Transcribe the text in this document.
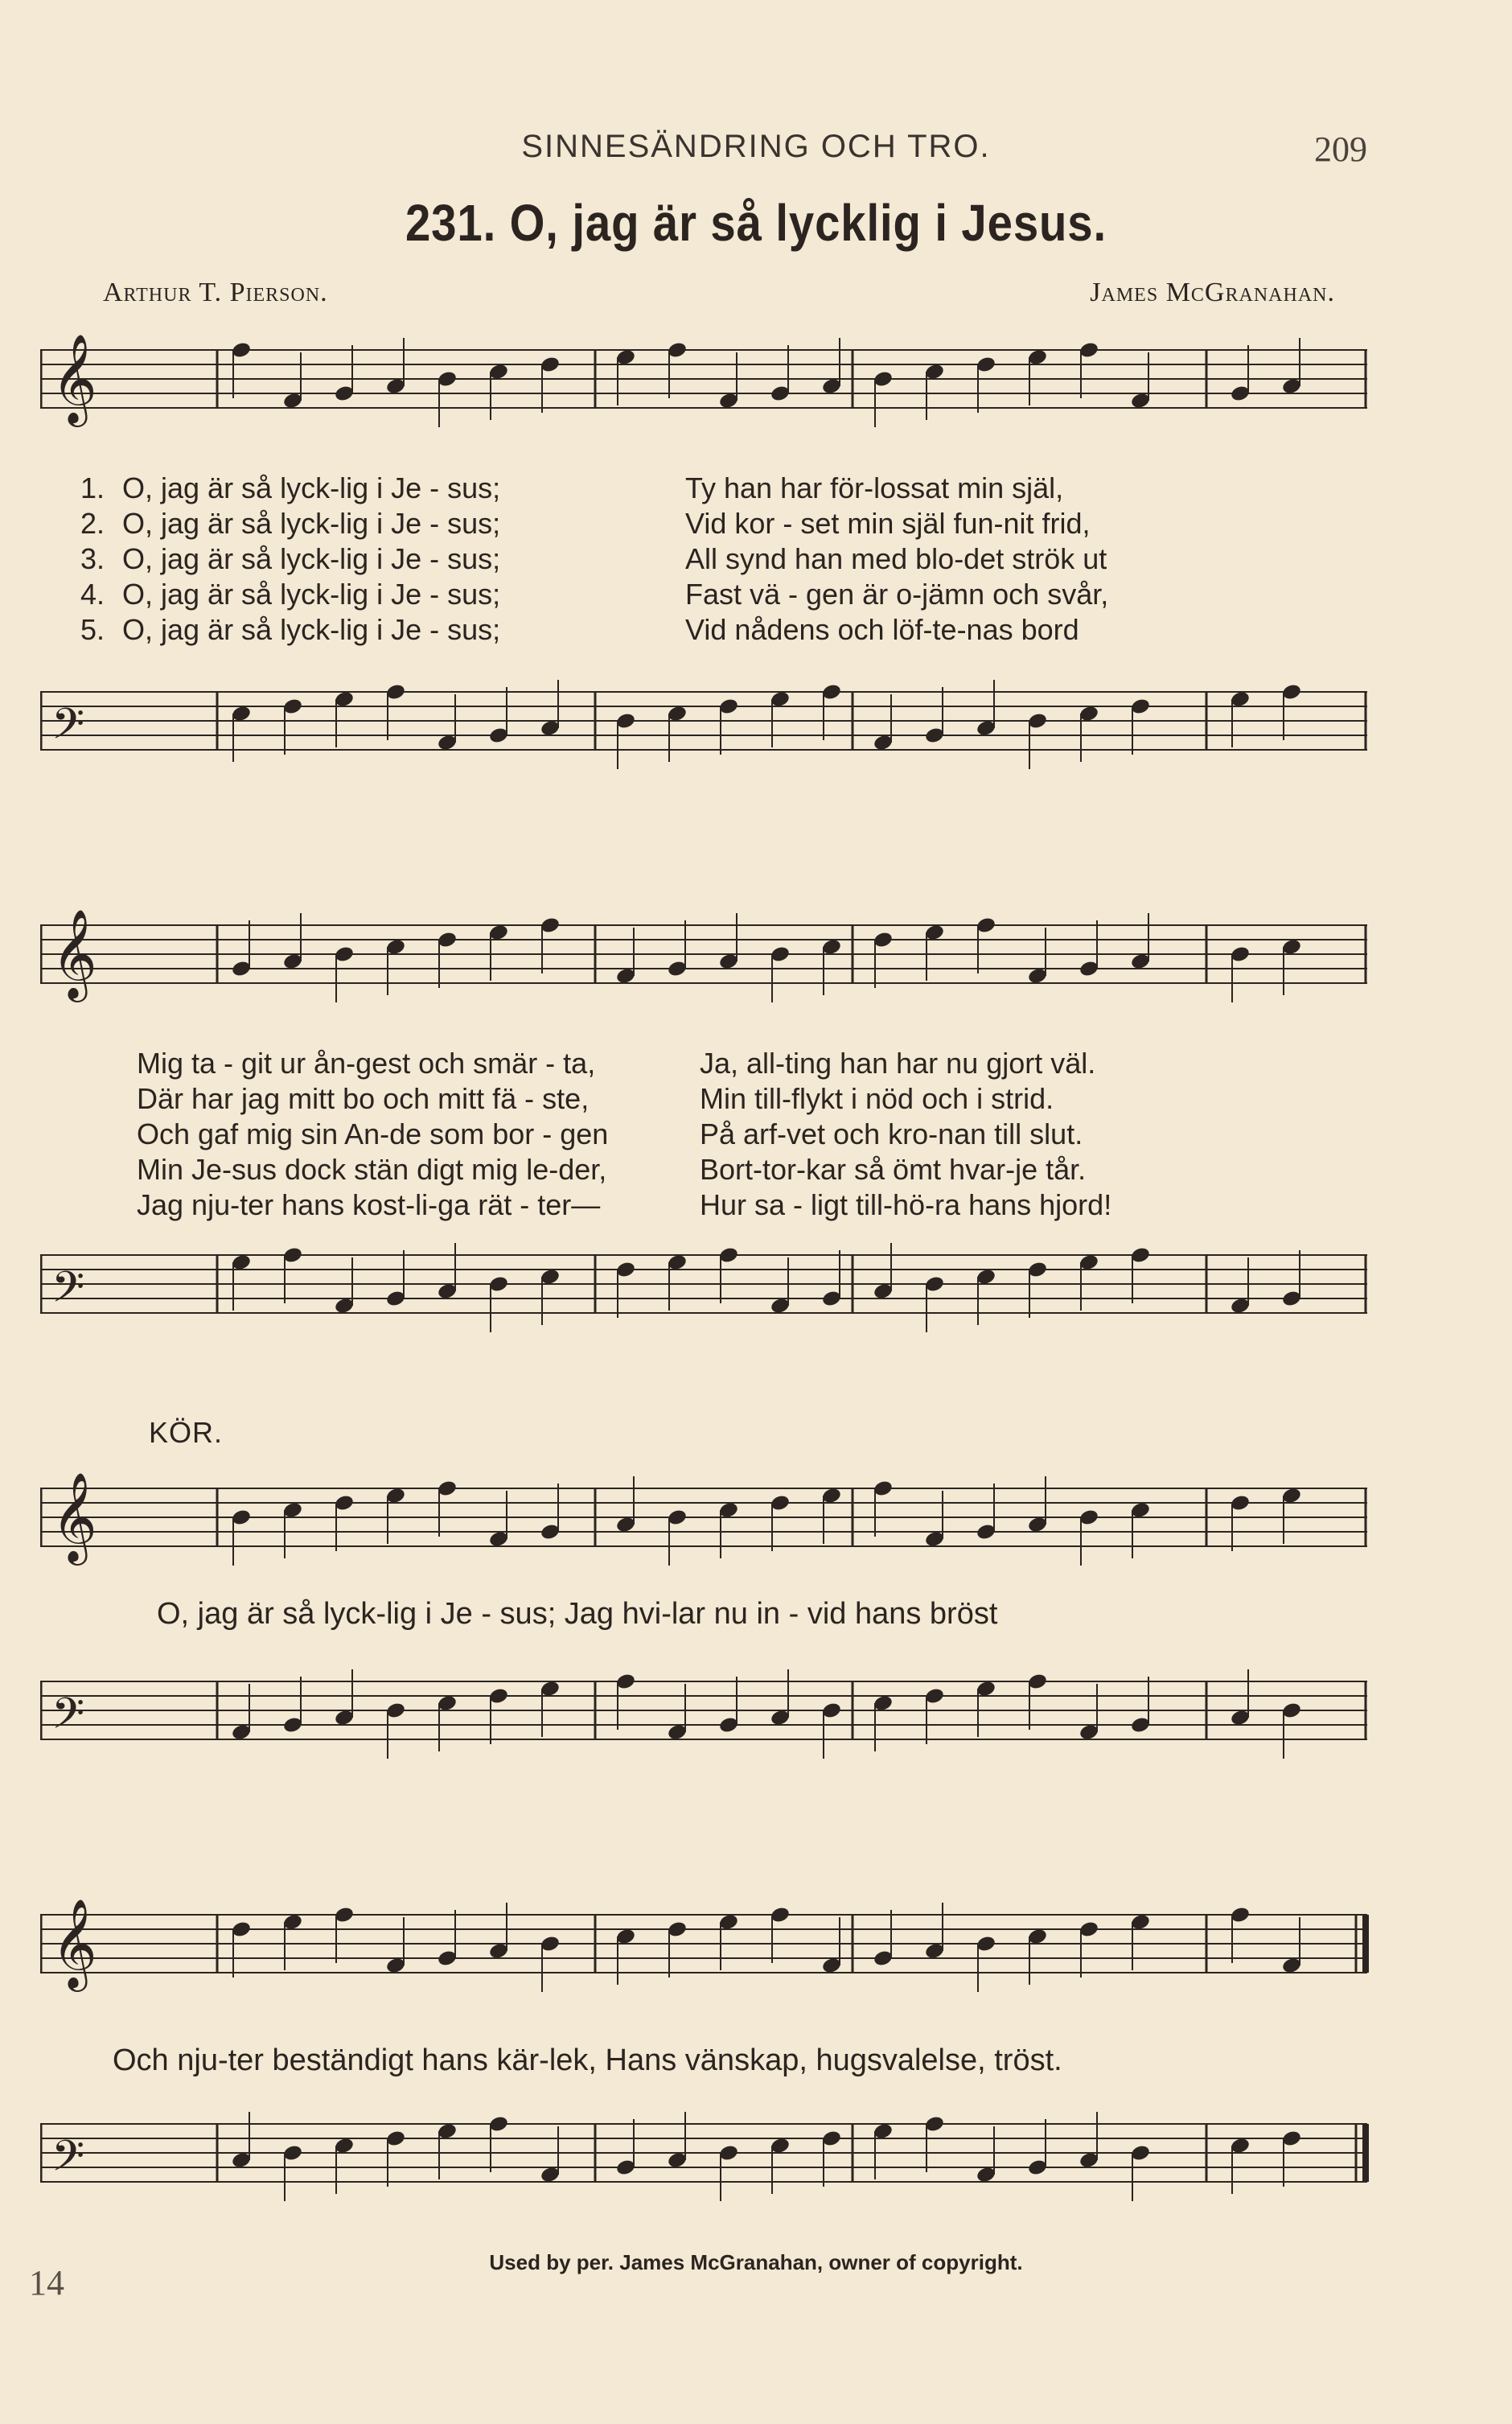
SINNESÄNDRING OCH TRO.	209
231. O, jag är så lycklig i Jesus.
Arthur T. Pierson.	James McGranahan.
𝄞
1. O, jag är så lyck-lig i Je - sus;	Ty han har för-lossat min själ,
2. O, jag är så lyck-lig i Je - sus;	Vid kor - set min själ fun-nit frid,
3. O, jag är så lyck-lig i Je - sus;	All synd han med blo-det strök ut
4. O, jag är så lyck-lig i Je - sus;	Fast vä - gen är o-jämn och svår,
5. O, jag är så lyck-lig i Je - sus;	Vid nådens och löf-te-nas bord
𝄢
𝄞
Mig ta - git ur ån-gest och smär - ta,	Ja, all-ting han har nu gjort väl.
Där har jag mitt bo och mitt fä - ste,	Min till-flykt i nöd och i strid.
Och gaf mig sin An-de som bor - gen	På arf-vet och kro-nan till slut.
Min Je-sus dock stän digt mig le-der,	Bort-tor-kar så ömt hvar-je tår.
Jag nju-ter hans kost-li-ga rät - ter—	Hur sa - ligt till-hö-ra hans hjord!
𝄢
KÖR.
𝄞
O, jag är så lyck-lig i Je - sus; Jag hvi-lar nu in - vid hans bröst
𝄢
𝄞
Och nju-ter beständigt hans kär-lek, Hans vänskap, hugsvalelse, tröst.
𝄢
14
Used by per. James McGranahan, owner of copyright.
